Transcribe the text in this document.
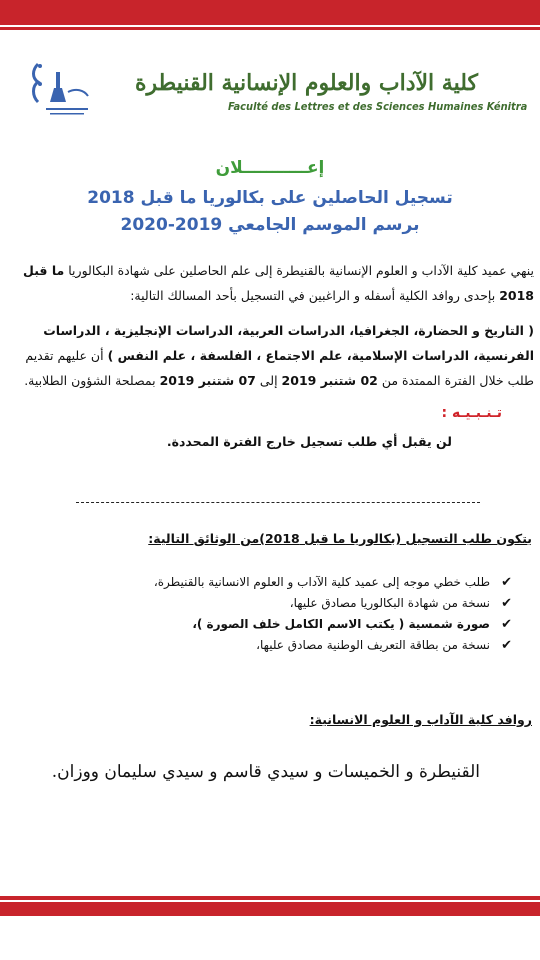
كلية الآداب والعلوم الإنسانية القنيطرة
Faculté des Lettres et des Sciences Humaines Kénitra
إعـــــــــــلان
تسجيل الحاصلين على بكالوريا ما قبل 2018
برسم الموسم الجامعي 2019-2020
ينهي عميد كلية الآداب و العلوم الإنسانية بالقنيطرة إلى علم الحاصلين على شهادة البكالوريا ما قبل 2018 بإحدى روافد الكلية أسفله و الراغبين في التسجيل بأحد المسالك التالية:
( التاريخ و الحضارة، الجغرافيا، الدراسات العربية، الدراسات الإنجليزية ، الدراسات الفرنسية، الدراسات الإسلامية، علم الاجتماع ، الفلسفة ، علم النفس ) أن عليهم تقديم طلب خلال الفترة الممتدة من 02 شتنبر 2019 إلى 07 شتنبر 2019 بمصلحة الشؤون الطلابية.
تـنـبـيـه :
لن يقبل أي طلب تسجيل خارج الفترة المحددة.
يتكون طلب التسجيل (بكالوريا ما قبل 2018)من الوثائق التالية:
✔
طلب خطي موجه إلى عميد كلية الآداب و العلوم الانسانية بالقنيطرة،
✔
نسخة من شهادة البكالوريا مصادق عليها،
✔
صورة شمسية ( يكتب الاسم الكامل خلف الصورة )،
✔
نسخة من بطاقة التعريف الوطنية مصادق عليها،
روافد كلية الآداب و العلوم الانسانية:
القنيطرة و الخميسات و سيدي قاسم و سيدي سليمان ووزان.
